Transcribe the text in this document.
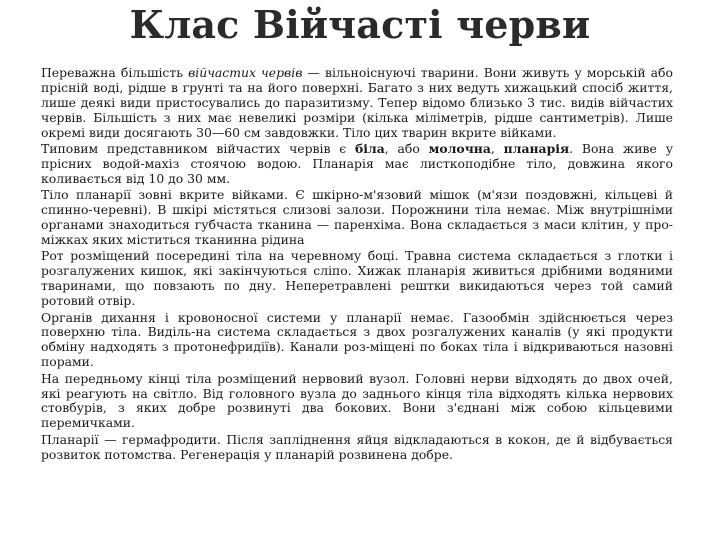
Клас Війчасті черви

Переважна більшість війчастих червів — вільноіснуючі тварини. Вони живуть у морській або прісній воді, рідше в грунті та на його поверхні. Багато з них ведуть хижацький спосіб життя, лише деякі види пристосувались до паразитизму. Тепер відомо близько 3 тис. видів війчастих червів. Більшість з них має невеликі розміри (кілька міліметрів, рідше сантиметрів). Лише окремі види досягають 30—60 см завдовжки. Тіло цих тварин вкрите війками.

Типовим представником війчастих червів є біла, або молочна, планарія. Вона живе у прісних водой-махіз стоячою водою. Планарія має листкоподібне тіло, довжина якого коливається від 10 до 30 мм.

Тіло планарії зовні вкрите війками. Є шкірно-м'язовий мішок (м'язи поздовжні, кільцеві й спинно-черевні). В шкірі містяться слизові залози. Порожнини тіла немає. Між внутрішніми органами знаходиться губчаста тканина — паренхіма. Вона складається з маси клітин, у про-міжках яких міститься тканинна рідина

Рот розміщений посередині тіла на черевному боці. Травна система складається з глотки і розгалужених кишок, які закінчуються сліпо. Хижак планарія живиться дрібними водяними тваринами, що повзають по дну. Неперетравлені рештки викидаються через той самий ротовий отвір.

Органів дихання і кровоносної системи у планарії немає. Газообмін здійснюється через поверхню тіла. Виділь-на система складається з двох розгалужених каналів (у які продукти обміну надходять з протонефридіїв). Канали роз-міщені по боках тіла і відкриваються назовні порами.

На передньому кінці тіла розміщений нервовий вузол. Головні нерви відходять до двох очей, які реагують на світло. Від головного вузла до заднього кінця тіла відходять кілька нервових стовбурів, з яких добре розвинуті два бокових. Вони з'єднані між собою кільцевими перемичками.

Планарії — гермафродити. Після запліднення яйця відкладаються в кокон, де й відбувається розвиток потомства. Регенерація у планарій розвинена добре.
